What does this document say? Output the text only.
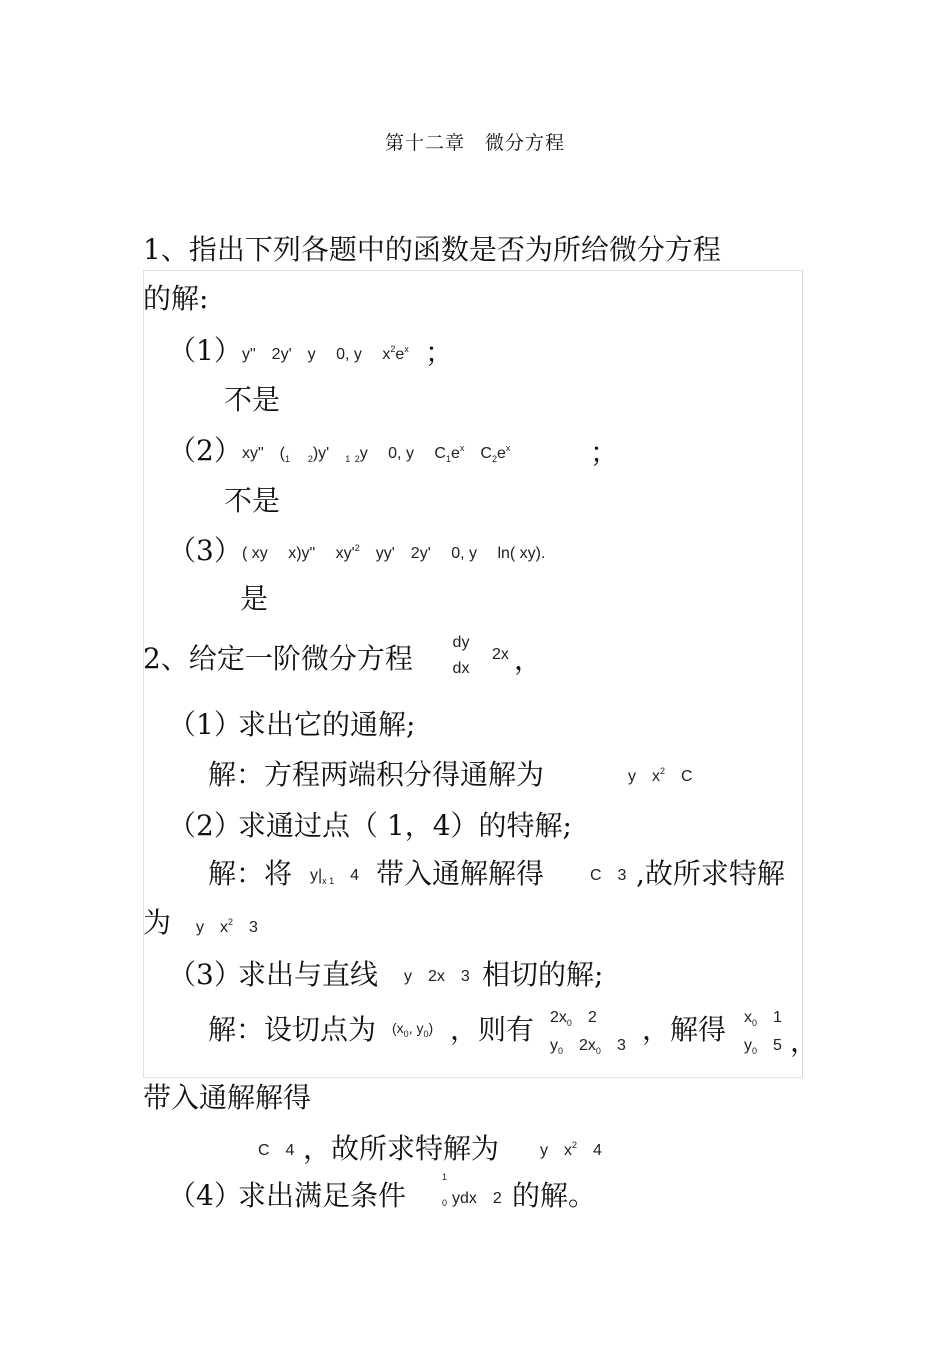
第十二章　微分方程
1、指出下列各题中的函数是否为所给微分方程
的解:
（1） y"　2y'　y　 0, y　 $x^2e^x$ ；
不是
（2） xy"　($_1$ $_2$)y'　$_1$ $_2$y　 0, y　 $C_1e^x$　$C_2e^x$	；
不是
（3） ( xy　 x)y"　 $xy'^2$　yy'　2y'　 0, y　 ln( xy).
是
2、给定一阶微分方程	dy
dx
2x ，
（1）
求出它的通解;
解：方程两端积分得通解为	y　$x^2$　C
（2）
求通过点（ 1，4）的特解;
解：将 $y|_{x 1}$　4 带入通解解得	C　3 ,故所求特解
为 y　$x^2$　3
（3）
求出与直线 y　2x　3 相切的解;
解：设切点为 ($x_0$, $y_0$) ，则有 $2x_0$　2
$y_0$　$2x_0$　3 ，解得 $x_0$　1
$y_0$　5 ，
带入通解解得
C　4 ，故所求特解为	y　$x^2$　4
（4）
求出满足条件
1
0 ydx　2 的解。
